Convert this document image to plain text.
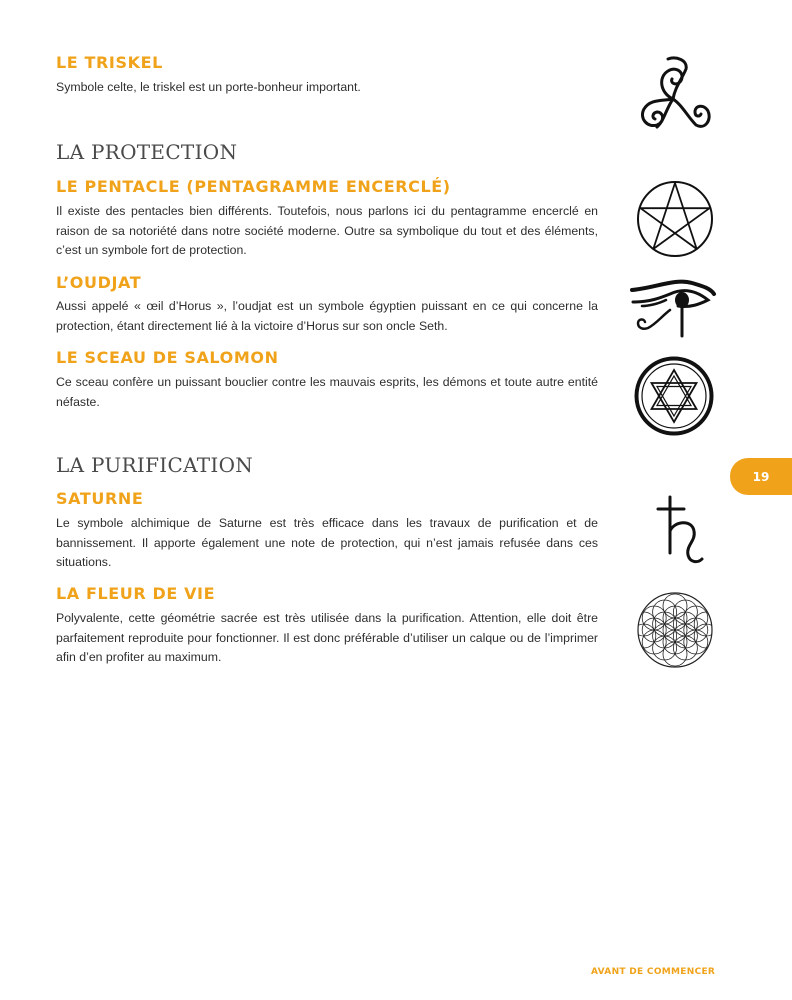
LE TRISKEL

Symbole celte, le triskel est un porte-bonheur important.

LA PROTECTION
LE PENTACLE (PENTAGRAMME ENCERCLÉ)

Il existe des pentacles bien différents. Toutefois, nous parlons ici du pentagramme encerclé en raison de sa notoriété dans notre société moderne. Outre sa symbolique du tout et des éléments, c’est un symbole fort de protection.

L’OUDJAT

Aussi appelé « œil d’Horus », l’oudjat est un symbole égyptien puissant en ce qui concerne la protection, étant directement lié à la victoire d’Horus sur son oncle Seth.

LE SCEAU DE SALOMON

Ce sceau confère un puissant bouclier contre les mauvais esprits, les démons et toute autre entité néfaste.

LA PURIFICATION
SATURNE

Le symbole alchimique de Saturne est très efficace dans les travaux de purification et de bannissement. Il apporte également une note de protection, qui n’est jamais refusée dans ces situations.

LA FLEUR DE VIE

Polyvalente, cette géométrie sacrée est très utilisée dans la purification. Attention, elle doit être parfaitement reproduite pour fonctionner. Il est donc préférable d’utiliser un calque ou de l’imprimer afin d’en profiter au maximum.

19
AVANT DE COMMENCER
